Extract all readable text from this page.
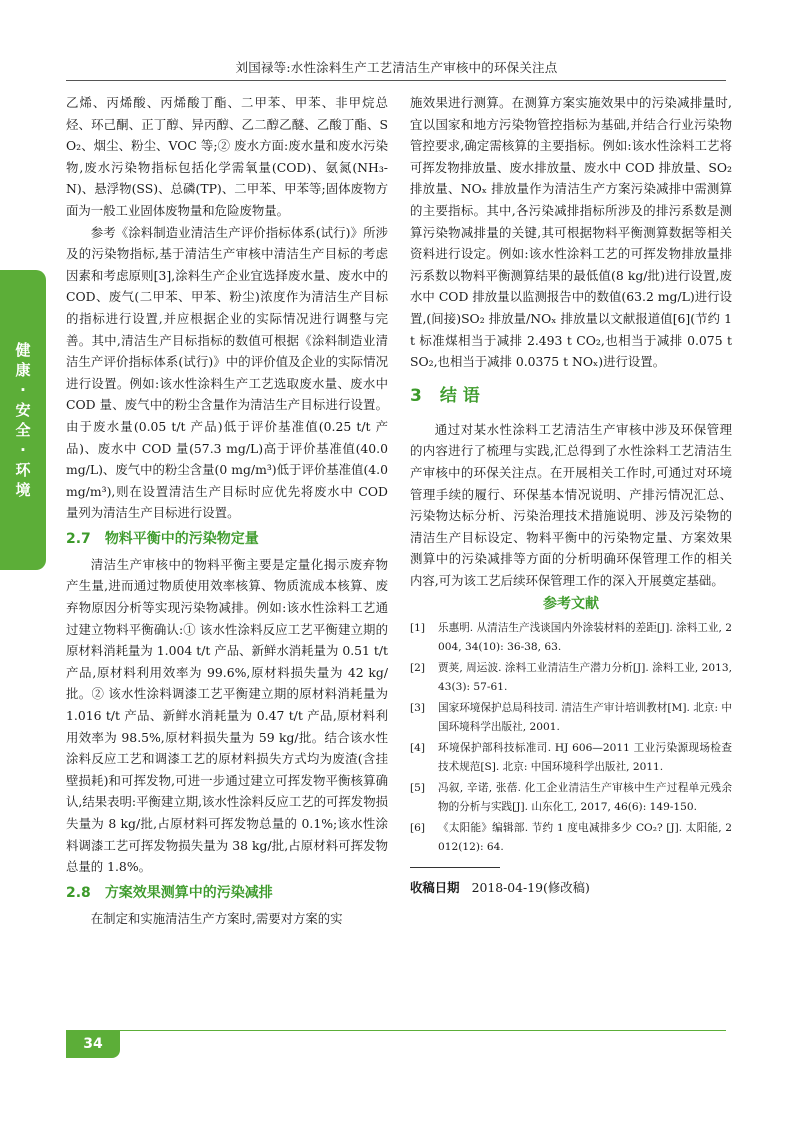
刘国禄等:水性涂料生产工艺清洁生产审核中的环保关注点
健
康
·
安
全
·
环
境

乙烯、丙烯酸、丙烯酸丁酯、二甲苯、甲苯、非甲烷总烃、环己酮、正丁醇、异丙醇、乙二醇乙醚、乙酸丁酯、SO₂、烟尘、粉尘、VOC 等;② 废水方面:废水量和废水污染物,废水污染物指标包括化学需氧量(COD)、氨氮(NH₃-N)、悬浮物(SS)、总磷(TP)、二甲苯、甲苯等;固体废物方面为一般工业固体废物量和危险废物量。

参考《涂料制造业清洁生产评价指标体系(试行)》所涉及的污染物指标,基于清洁生产审核中清洁生产目标的考虑因素和考虑原则[3],涂料生产企业宜选择废水量、废水中的 COD、废气(二甲苯、甲苯、粉尘)浓度作为清洁生产目标的指标进行设置,并应根据企业的实际情况进行调整与完善。其中,清洁生产目标指标的数值可根据《涂料制造业清洁生产评价指标体系(试行)》中的评价值及企业的实际情况进行设置。例如:该水性涂料生产工艺选取废水量、废水中 COD 量、废气中的粉尘含量作为清洁生产目标进行设置。由于废水量(0.05 t/t 产品)低于评价基准值(0.25 t/t 产品)、废水中 COD 量(57.3 mg/L)高于评价基准值(40.0 mg/L)、废气中的粉尘含量(0 mg/m³)低于评价基准值(4.0 mg/m³),则在设置清洁生产目标时应优先将废水中 COD 量列为清洁生产目标进行设置。

2.7 物料平衡中的污染物定量

清洁生产审核中的物料平衡主要是定量化揭示废弃物产生量,进而通过物质使用效率核算、物质流成本核算、废弃物原因分析等实现污染物减排。例如:该水性涂料工艺通过建立物料平衡确认:① 该水性涂料反应工艺平衡建立期的原材料消耗量为 1.004 t/t 产品、新鲜水消耗量为 0.51 t/t 产品,原材料利用效率为 99.6%,原材料损失量为 42 kg/批。② 该水性涂料调漆工艺平衡建立期的原材料消耗量为 1.016 t/t 产品、新鲜水消耗量为 0.47 t/t 产品,原材料利用效率为 98.5%,原材料损失量为 59 kg/批。结合该水性涂料反应工艺和调漆工艺的原材料损失方式均为废渣(含挂壁损耗)和可挥发物,可进一步通过建立可挥发物平衡核算确认,结果表明:平衡建立期,该水性涂料反应工艺的可挥发物损失量为 8 kg/批,占原材料可挥发物总量的 0.1%;该水性涂料调漆工艺可挥发物损失量为 38 kg/批,占原材料可挥发物总量的 1.8%。

2.8 方案效果测算中的污染减排

在制定和实施清洁生产方案时,需要对方案的实

施效果进行测算。在测算方案实施效果中的污染减排量时,宜以国家和地方污染物管控指标为基础,并结合行业污染物管控要求,确定需核算的主要指标。例如:该水性涂料工艺将可挥发物排放量、废水排放量、废水中 COD 排放量、SO₂ 排放量、NOₓ 排放量作为清洁生产方案污染减排中需测算的主要指标。其中,各污染减排指标所涉及的排污系数是测算污染物减排量的关键,其可根据物料平衡测算数据等相关资料进行设定。例如:该水性涂料工艺的可挥发物排放量排污系数以物料平衡测算结果的最低值(8 kg/批)进行设置,废水中 COD 排放量以监测报告中的数值(63.2 mg/L)进行设置,(间接)SO₂ 排放量/NOₓ 排放量以文献报道值[6](节约 1 t 标准煤相当于减排 2.493 t CO₂,也相当于减排 0.075 t SO₂,也相当于减排 0.0375 t NOₓ)进行设置。

3 结 语

通过对某水性涂料工艺清洁生产审核中涉及环保管理的内容进行了梳理与实践,汇总得到了水性涂料工艺清洁生产审核中的环保关注点。在开展相关工作时,可通过对环境管理手续的履行、环保基本情况说明、产排污情况汇总、污染物达标分析、污染治理技术措施说明、涉及污染物的清洁生产目标设定、物料平衡中的污染物定量、方案效果测算中的污染减排等方面的分析明确环保管理工作的相关内容,可为该工艺后续环保管理工作的深入开展奠定基础。

参考文献
[1]	乐惠明. 从清洁生产浅谈国内外涂装材料的差距[J]. 涂料工业, 2004, 34(10): 36-38, 63.
[2]	贾荚, 周运波. 涂料工业清洁生产潜力分析[J]. 涂料工业, 2013, 43(3): 57-61.
[3]	国家环境保护总局科技司. 清洁生产审计培训教材[M]. 北京: 中国环境科学出版社, 2001.
[4]	环境保护部科技标准司. HJ 606—2011 工业污染源现场检查技术规范[S]. 北京: 中国环境科学出版社, 2011.
[5]	冯叙, 辛诺, 张蓓. 化工企业清洁生产审核中生产过程单元残余物的分析与实践[J]. 山东化工, 2017, 46(6): 149-150.
[6]	《太阳能》编辑部. 节约 1 度电减排多少 CO₂? [J]. 太阳能, 2012(12): 64.
收稿日期 2018-04-19(修改稿)
34
